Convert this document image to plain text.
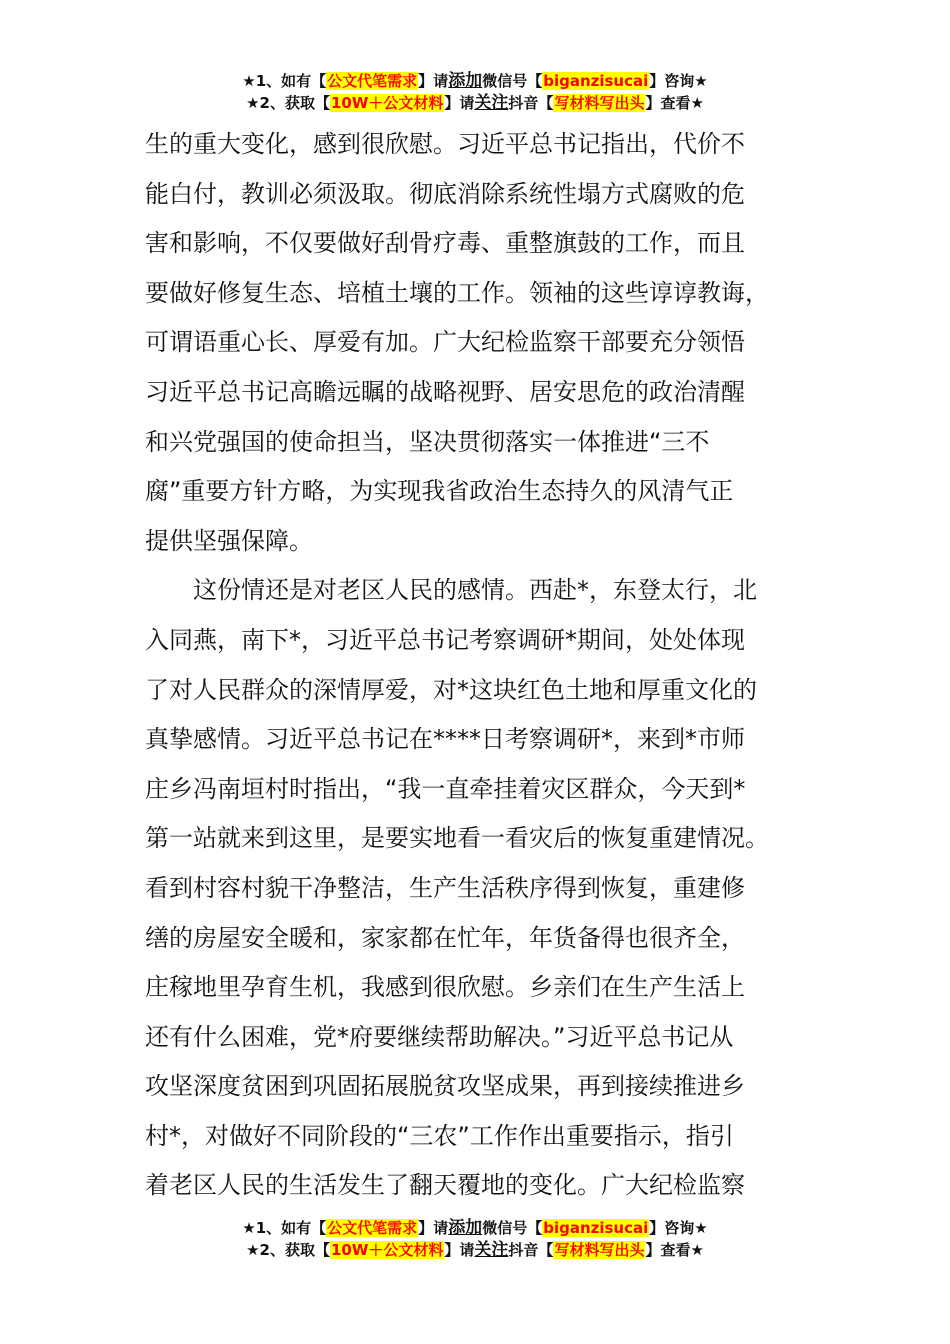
★1、如有【公文代笔需求】请添加微信号【biganzisucai】咨询★
★2、获取【10W＋公文材料】请关注抖音【写材料写出头】查看★

生的重大变化，感到很欣慰。习近平总书记指出，代价不

能白付，教训必须汲取。彻底消除系统性塌方式腐败的危

害和影响，不仅要做好刮骨疗毒、重整旗鼓的工作，而且

要做好修复生态、培植土壤的工作。领袖的这些谆谆教诲，

可谓语重心长、厚爱有加。广大纪检监察干部要充分领悟

习近平总书记高瞻远瞩的战略视野、居安思危的政治清醒

和兴党强国的使命担当，坚决贯彻落实一体推进“三不

腐”重要方针方略，为实现我省政治生态持久的风清气正

提供坚强保障。

　　这份情还是对老区人民的感情。西赴*，东登太行，北

入同燕，南下*，习近平总书记考察调研*期间，处处体现

了对人民群众的深情厚爱，对*这块红色土地和厚重文化的

真挚感情。习近平总书记在****日考察调研*，来到*市师

庄乡冯南垣村时指出，“我一直牵挂着灾区群众，今天到*

第一站就来到这里，是要实地看一看灾后的恢复重建情况。

看到村容村貌干净整洁，生产生活秩序得到恢复，重建修

缮的房屋安全暖和，家家都在忙年，年货备得也很齐全，

庄稼地里孕育生机，我感到很欣慰。乡亲们在生产生活上

还有什么困难，党*府要继续帮助解决。”习近平总书记从

攻坚深度贫困到巩固拓展脱贫攻坚成果，再到接续推进乡

村*，对做好不同阶段的“三农”工作作出重要指示，指引

着老区人民的生活发生了翻天覆地的变化。广大纪检监察

★1、如有【公文代笔需求】请添加微信号【biganzisucai】咨询★
★2、获取【10W＋公文材料】请关注抖音【写材料写出头】查看★
